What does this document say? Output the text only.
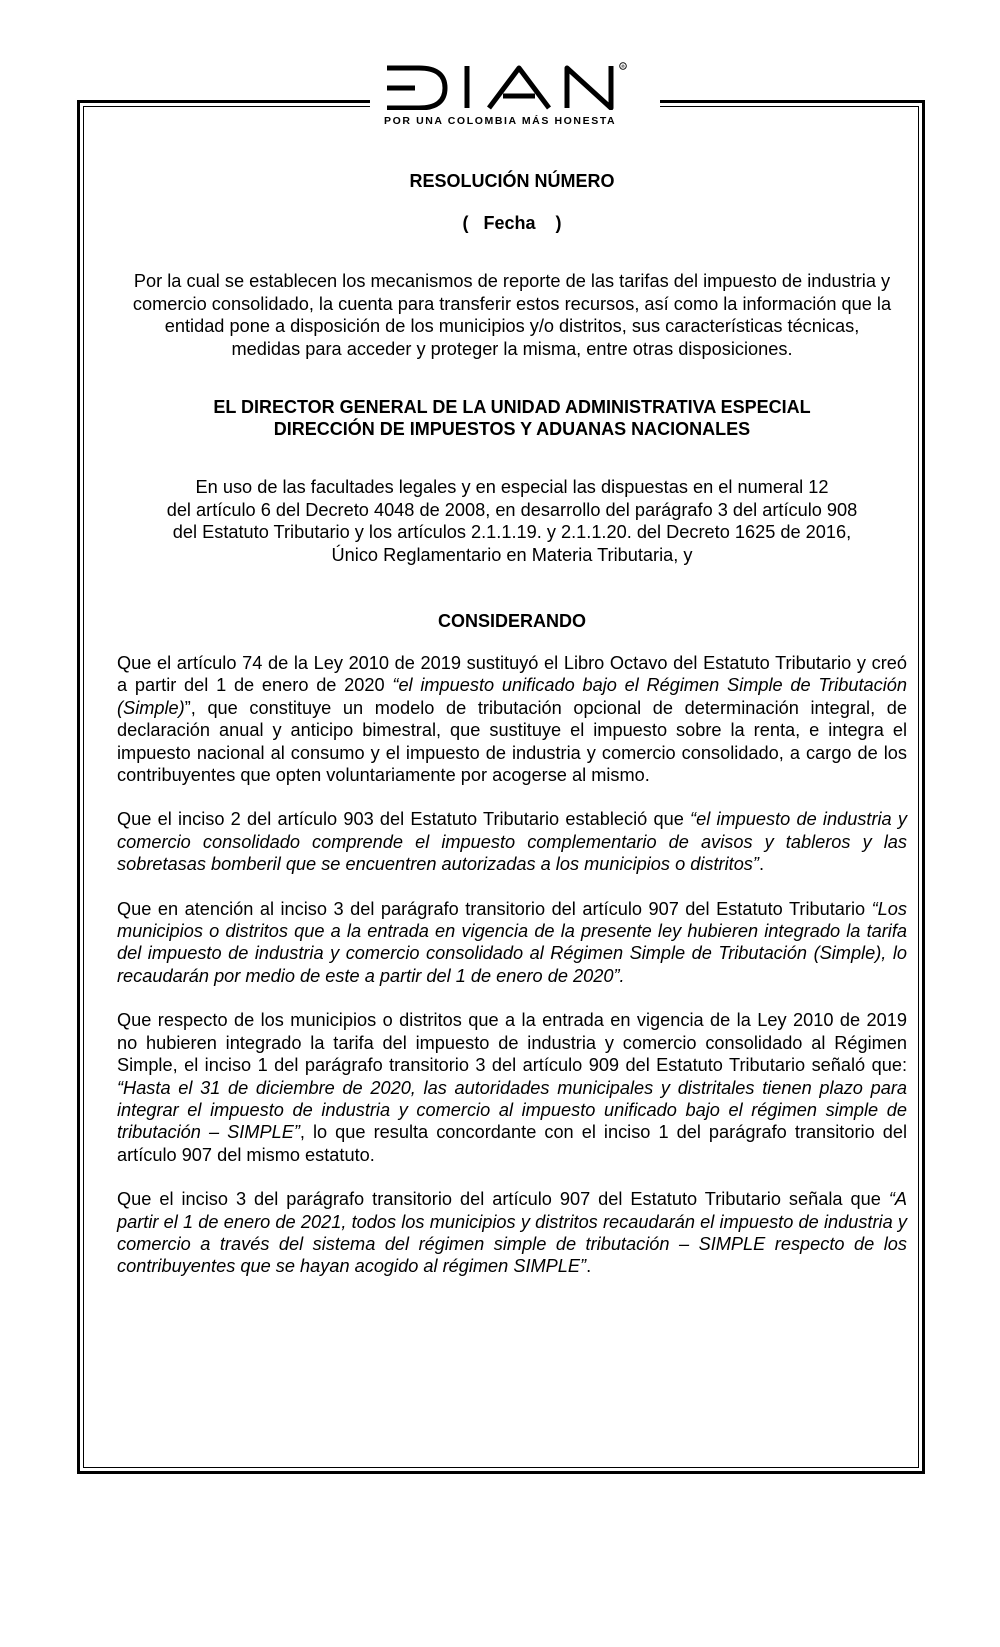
®
POR UNA COLOMBIA MÁS HONESTA
RESOLUCIÓN NÚMERO
(   Fecha    )
Por la cual se establecen los mecanismos de reporte de las tarifas del impuesto de industria y comercio consolidado, la cuenta para transferir estos recursos, así como la información que la entidad pone a disposición de los municipios y/o distritos, sus características técnicas, medidas para acceder y proteger la misma, entre otras disposiciones.
EL DIRECTOR GENERAL DE LA UNIDAD ADMINISTRATIVA ESPECIAL
DIRECCIÓN DE IMPUESTOS Y ADUANAS NACIONALES
En uso de las facultades legales y en especial las dispuestas en el numeral 12
del artículo 6 del Decreto 4048 de 2008, en desarrollo del parágrafo 3 del artículo 908
del Estatuto Tributario y los artículos 2.1.1.19. y 2.1.1.20. del Decreto 1625 de 2016,
Único Reglamentario en Materia Tributaria, y
CONSIDERANDO

Que el artículo 74 de la Ley 2010 de 2019 sustituyó el Libro Octavo del Estatuto Tributario y creó a partir del 1 de enero de 2020 “el impuesto unificado bajo el Régimen Simple de Tributación (Simple)”, que constituye un modelo de tributación opcional de determinación integral, de declaración anual y anticipo bimestral, que sustituye el impuesto sobre la renta, e integra el impuesto nacional al consumo y el impuesto de industria y comercio consolidado, a cargo de los contribuyentes que opten voluntariamente por acogerse al mismo.

Que el inciso 2 del artículo 903 del Estatuto Tributario estableció que “el impuesto de industria y comercio consolidado comprende el impuesto complementario de avisos y tableros y las sobretasas bomberil que se encuentren autorizadas a los municipios o distritos”.

Que en atención al inciso 3 del parágrafo transitorio del artículo 907 del Estatuto Tributario “Los municipios o distritos que a la entrada en vigencia de la presente ley hubieren integrado la tarifa del impuesto de industria y comercio consolidado al Régimen Simple de Tributación (Simple), lo recaudarán por medio de este a partir del 1 de enero de 2020”.

Que respecto de los municipios o distritos que a la entrada en vigencia de la Ley 2010 de 2019 no hubieren integrado la tarifa del impuesto de industria y comercio consolidado al Régimen Simple, el inciso 1 del parágrafo transitorio 3 del artículo 909 del Estatuto Tributario señaló que: “Hasta el 31 de diciembre de 2020, las autoridades municipales y distritales tienen plazo para integrar el impuesto de industria y comercio al impuesto unificado bajo el régimen simple de tributación – SIMPLE”, lo que resulta concordante con el inciso 1 del parágrafo transitorio del artículo 907 del mismo estatuto.

Que el inciso 3 del parágrafo transitorio del artículo 907 del Estatuto Tributario señala que “A partir el 1 de enero de 2021, todos los municipios y distritos recaudarán el impuesto de industria y comercio a través del sistema del régimen simple de tributación – SIMPLE respecto de los contribuyentes que se hayan acogido al régimen SIMPLE”.
